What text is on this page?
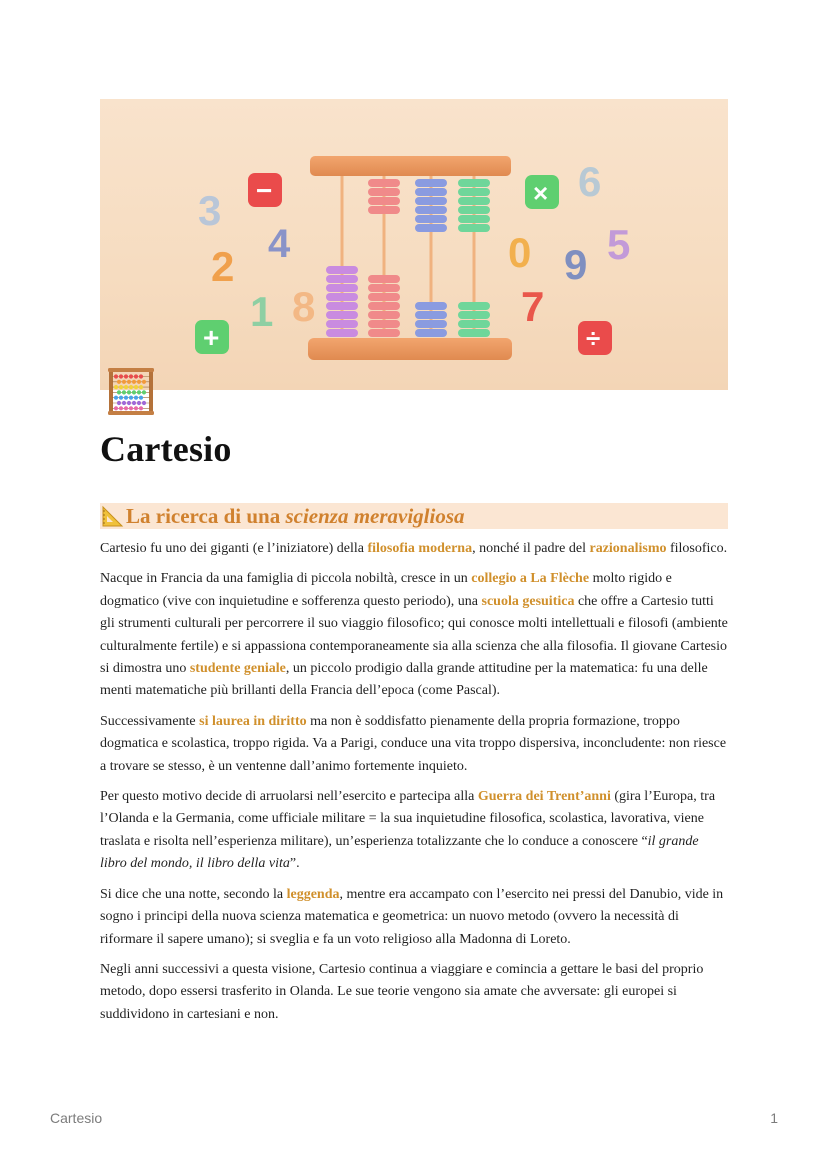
3 −
4
2
1 8
+
× 6
0 9 5
7
÷
Cartesio
La ricerca di una scienza meravigliosa

Cartesio fu uno dei giganti (e l’iniziatore) della filosofia moderna, nonché il padre del razionalismo filosofico.

Nacque in Francia da una famiglia di piccola nobiltà, cresce in un collegio a La Flèche molto rigido e dogmatico (vive con inquietudine e sofferenza questo periodo), una scuola gesuitica che offre a Cartesio tutti gli strumenti culturali per percorrere il suo viaggio filosofico; qui conosce molti intellettuali e filosofi (ambiente culturalmente fertile) e si appassiona contemporaneamente sia alla scienza che alla filosofia. Il giovane Cartesio si dimostra uno studente geniale, un piccolo prodigio dalla grande attitudine per la matematica: fu una delle menti matematiche più brillanti della Francia dell’epoca (come Pascal).

Successivamente si laurea in diritto ma non è soddisfatto pienamente della propria formazione, troppo dogmatica e scolastica, troppo rigida. Va a Parigi, conduce una vita troppo dispersiva, inconcludente: non riesce a trovare se stesso, è un ventenne dall’animo fortemente inquieto.

Per questo motivo decide di arruolarsi nell’esercito e partecipa alla Guerra dei Trent’anni (gira l’Europa, tra l’Olanda e la Germania, come ufficiale militare = la sua inquietudine filosofica, scolastica, lavorativa, viene traslata e risolta nell’esperienza militare), un’esperienza totalizzante che lo conduce a conoscere “il grande libro del mondo, il libro della vita”.

Si dice che una notte, secondo la leggenda, mentre era accampato con l’esercito nei pressi del Danubio, vide in sogno i principi della nuova scienza matematica e geometrica: un nuovo metodo (ovvero la necessità di riformare il sapere umano); si sveglia e fa un voto religioso alla Madonna di Loreto.

Negli anni successivi a questa visione, Cartesio continua a viaggiare e comincia a gettare le basi del proprio metodo, dopo essersi trasferito in Olanda. Le sue teorie vengono sia amate che avversate: gli europei si suddividono in cartesiani e non.

Cartesio	1
